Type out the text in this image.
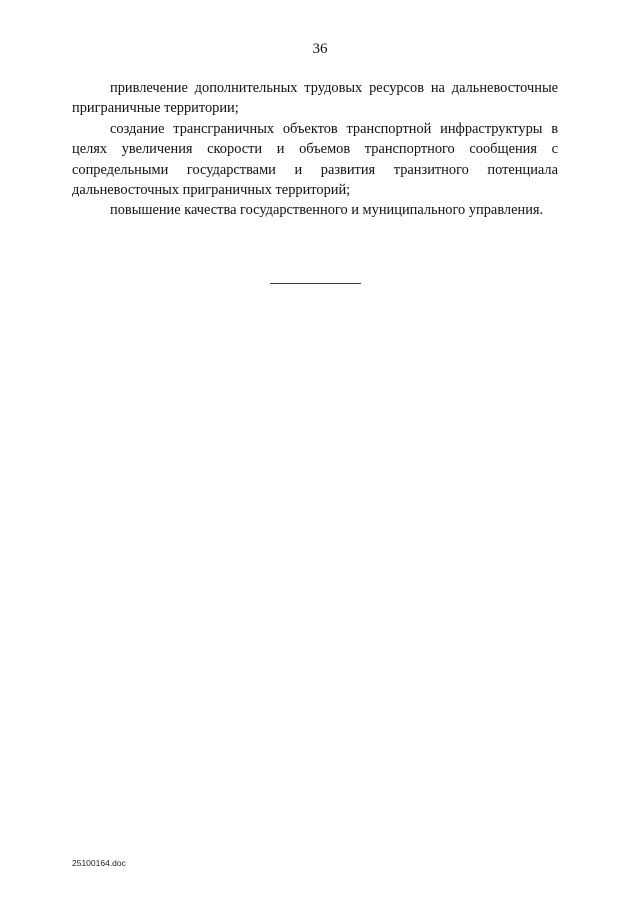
36

привлечение дополнительных трудовых ресурсов на дальневосточные приграничные территории;

создание трансграничных объектов транспортной инфраструктуры в целях увеличения скорости и объемов транспортного сообщения с сопредельными государствами и развития транзитного потенциала дальневосточных приграничных территорий;

повышение качества государственного и муниципального управления.

25100164.doc
